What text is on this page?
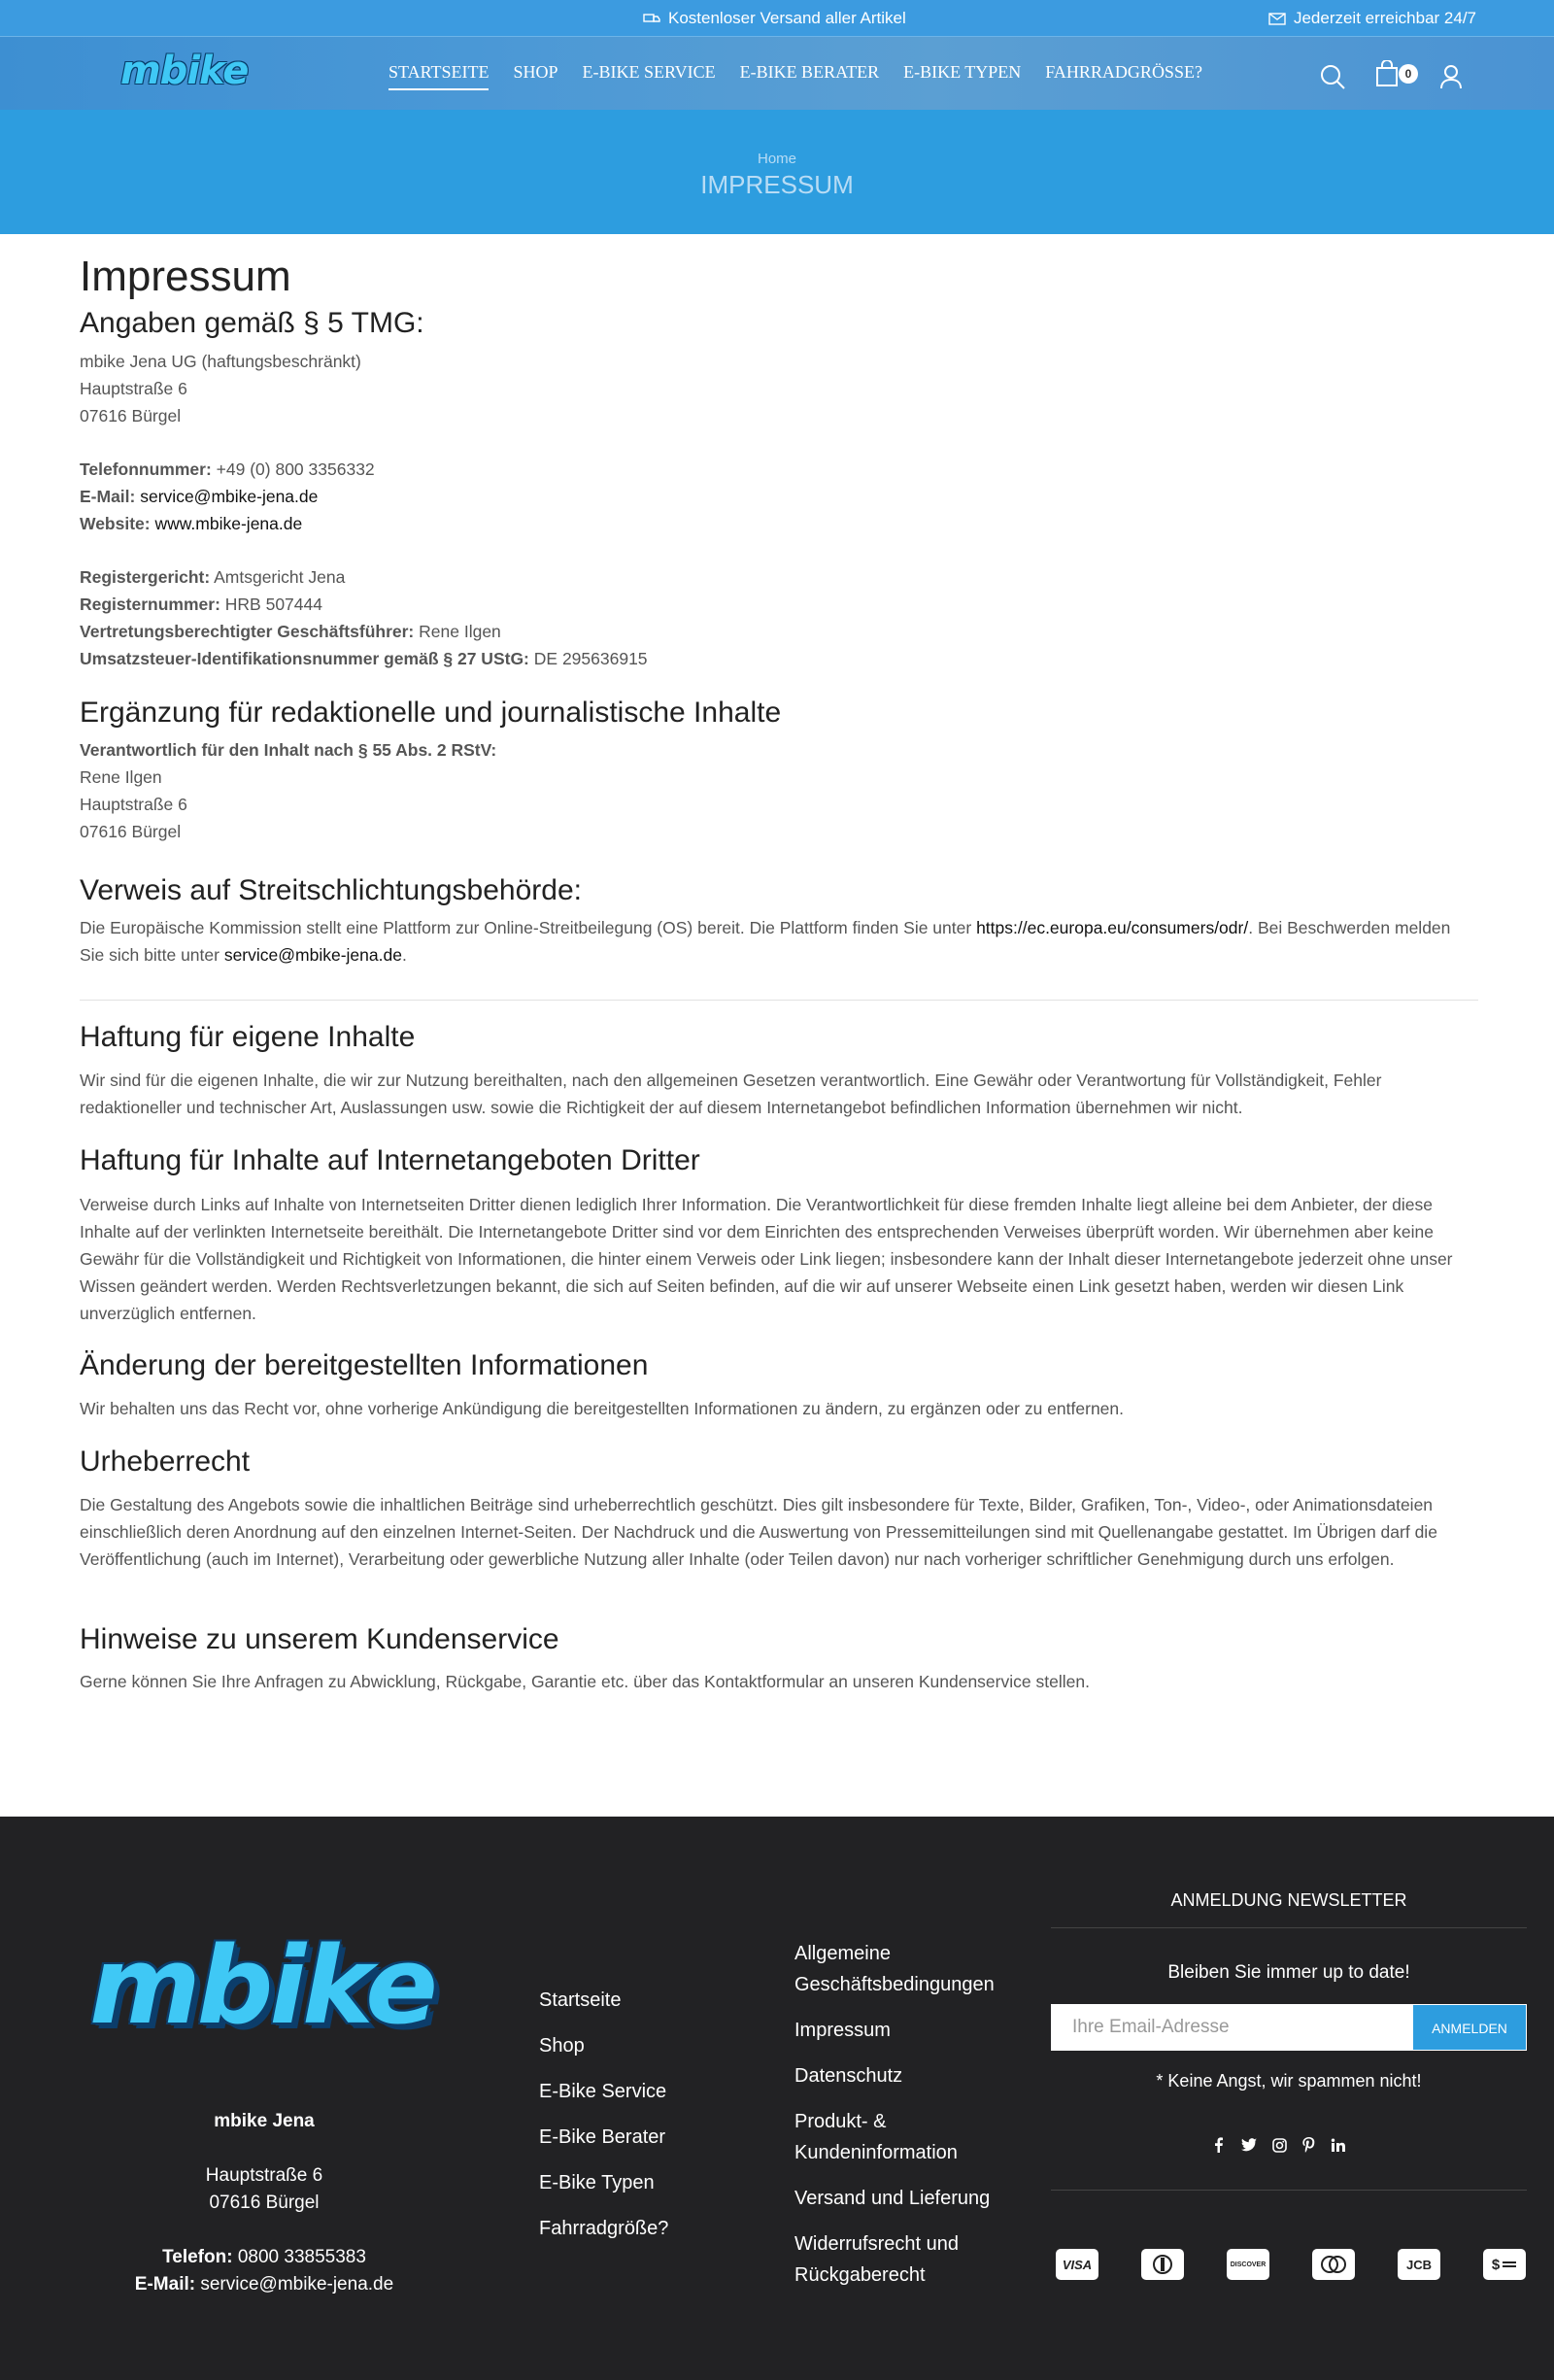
Kostenloser Versand aller Artikel	Jederzeit erreichbar 24/7
mbike	STARTSEITE SHOP E-BIKE SERVICE E-BIKE BERATER E-BIKE TYPEN FAHRRADGRÖSSE?	0
Home
IMPRESSUM
Impressum
Angaben gemäß § 5 TMG:

mbike Jena UG (haftungsbeschränkt)

Hauptstraße 6

07616 Bürgel

Telefonnummer: +49 (0) 800 3356332

E-Mail: service@mbike-jena.de

Website: www.mbike-jena.de

Registergericht: Amtsgericht Jena

Registernummer: HRB 507444

Vertretungsberechtigter Geschäftsführer: Rene Ilgen

Umsatzsteuer-Identifikationsnummer gemäß § 27 UStG: DE 295636915

Ergänzung für redaktionelle und journalistische Inhalte

Verantwortlich für den Inhalt nach § 55 Abs. 2 RStV:

Rene Ilgen

Hauptstraße 6

07616 Bürgel

Verweis auf Streitschlichtungsbehörde:

Die Europäische Kommission stellt eine Plattform zur Online-Streitbeilegung (OS) bereit. Die Plattform finden Sie unter https://ec.europa.eu/consumers/odr/. Bei Beschwerden melden Sie sich bitte unter service@mbike-jena.de.

Haftung für eigene Inhalte

Wir sind für die eigenen Inhalte, die wir zur Nutzung bereithalten, nach den allgemeinen Gesetzen verantwortlich. Eine Gewähr oder Verantwortung für Vollständigkeit, Fehler redaktioneller und technischer Art, Auslassungen usw. sowie die Richtigkeit der auf diesem Internetangebot befindlichen Information übernehmen wir nicht.

Haftung für Inhalte auf Internetangeboten Dritter

Verweise durch Links auf Inhalte von Internetseiten Dritter dienen lediglich Ihrer Information. Die Verantwortlichkeit für diese fremden Inhalte liegt alleine bei dem Anbieter, der diese Inhalte auf der verlinkten Internetseite bereithält. Die Internetangebote Dritter sind vor dem Einrichten des entsprechenden Verweises überprüft worden. Wir übernehmen aber keine Gewähr für die Vollständigkeit und Richtigkeit von Informationen, die hinter einem Verweis oder Link liegen; insbesondere kann der Inhalt dieser Internetangebote jederzeit ohne unser Wissen geändert werden. Werden Rechtsverletzungen bekannt, die sich auf Seiten befinden, auf die wir auf unserer Webseite einen Link gesetzt haben, werden wir diesen Link unverzüglich entfernen.

Änderung der bereitgestellten Informationen

Wir behalten uns das Recht vor, ohne vorherige Ankündigung die bereitgestellten Informationen zu ändern, zu ergänzen oder zu entfernen.

Urheberrecht

Die Gestaltung des Angebots sowie die inhaltlichen Beiträge sind urheberrechtlich geschützt. Dies gilt insbesondere für Texte, Bilder, Grafiken, Ton-, Video-, oder Animationsdateien einschließlich deren Anordnung auf den einzelnen Internet-Seiten. Der Nachdruck und die Auswertung von Pressemitteilungen sind mit Quellenangabe gestattet. Im Übrigen darf die Veröffentlichung (auch im Internet), Verarbeitung oder gewerbliche Nutzung aller Inhalte (oder Teilen davon) nur nach vorheriger schriftlicher Genehmigung durch uns erfolgen.

Hinweise zu unserem Kundenservice

Gerne können Sie Ihre Anfragen zu Abwicklung, Rückgabe, Garantie etc. über das Kontaktformular an unseren Kundenservice stellen.

mbike
mbike Jena
Hauptstraße 6
07616 Bürgel
Telefon: 0800 33855383
E-Mail: service@mbike-jena.de
Startseite
Shop
E-Bike Service
E-Bike Berater
E-Bike Typen
Fahrradgröße?
Allgemeine Geschäftsbedingungen
Impressum
Datenschutz
Produkt- & Kundeninformation
Versand und Lieferung
Widerrufsrecht und Rückgaberecht
ANMELDUNG NEWSLETTER
Bleiben Sie immer up to date!
Ihre Email-Adresse	ANMELDEN
* Keine Angst, wir spammen nicht!
VISA	DISCOVER	JCB	$
